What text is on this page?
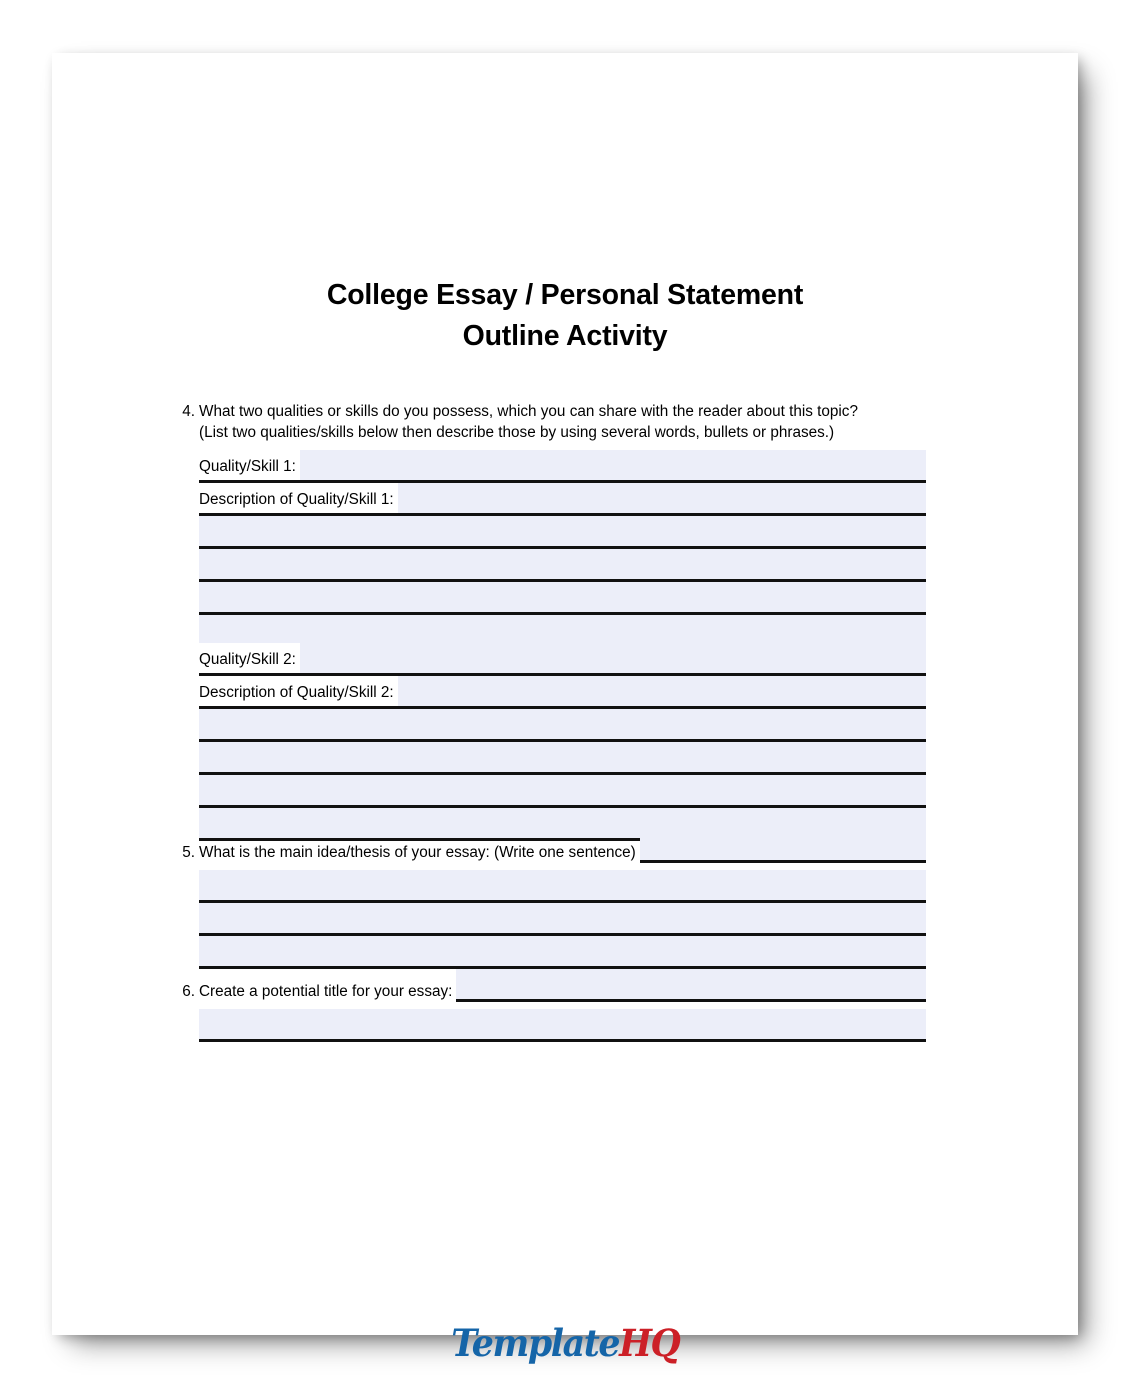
College Essay / Personal Statement
Outline Activity
4. What two qualities or skills do you possess, which you can share with the reader about this topic?
(List two qualities/skills below then describe those by using several words, bullets or phrases.)
Quality/Skill 1:
Description of Quality/Skill 1:
Quality/Skill 2:
Description of Quality/Skill 2:
5. What is the main idea/thesis of your essay: (Write one sentence)
6. Create a potential title for your essay:
TemplateHQ
